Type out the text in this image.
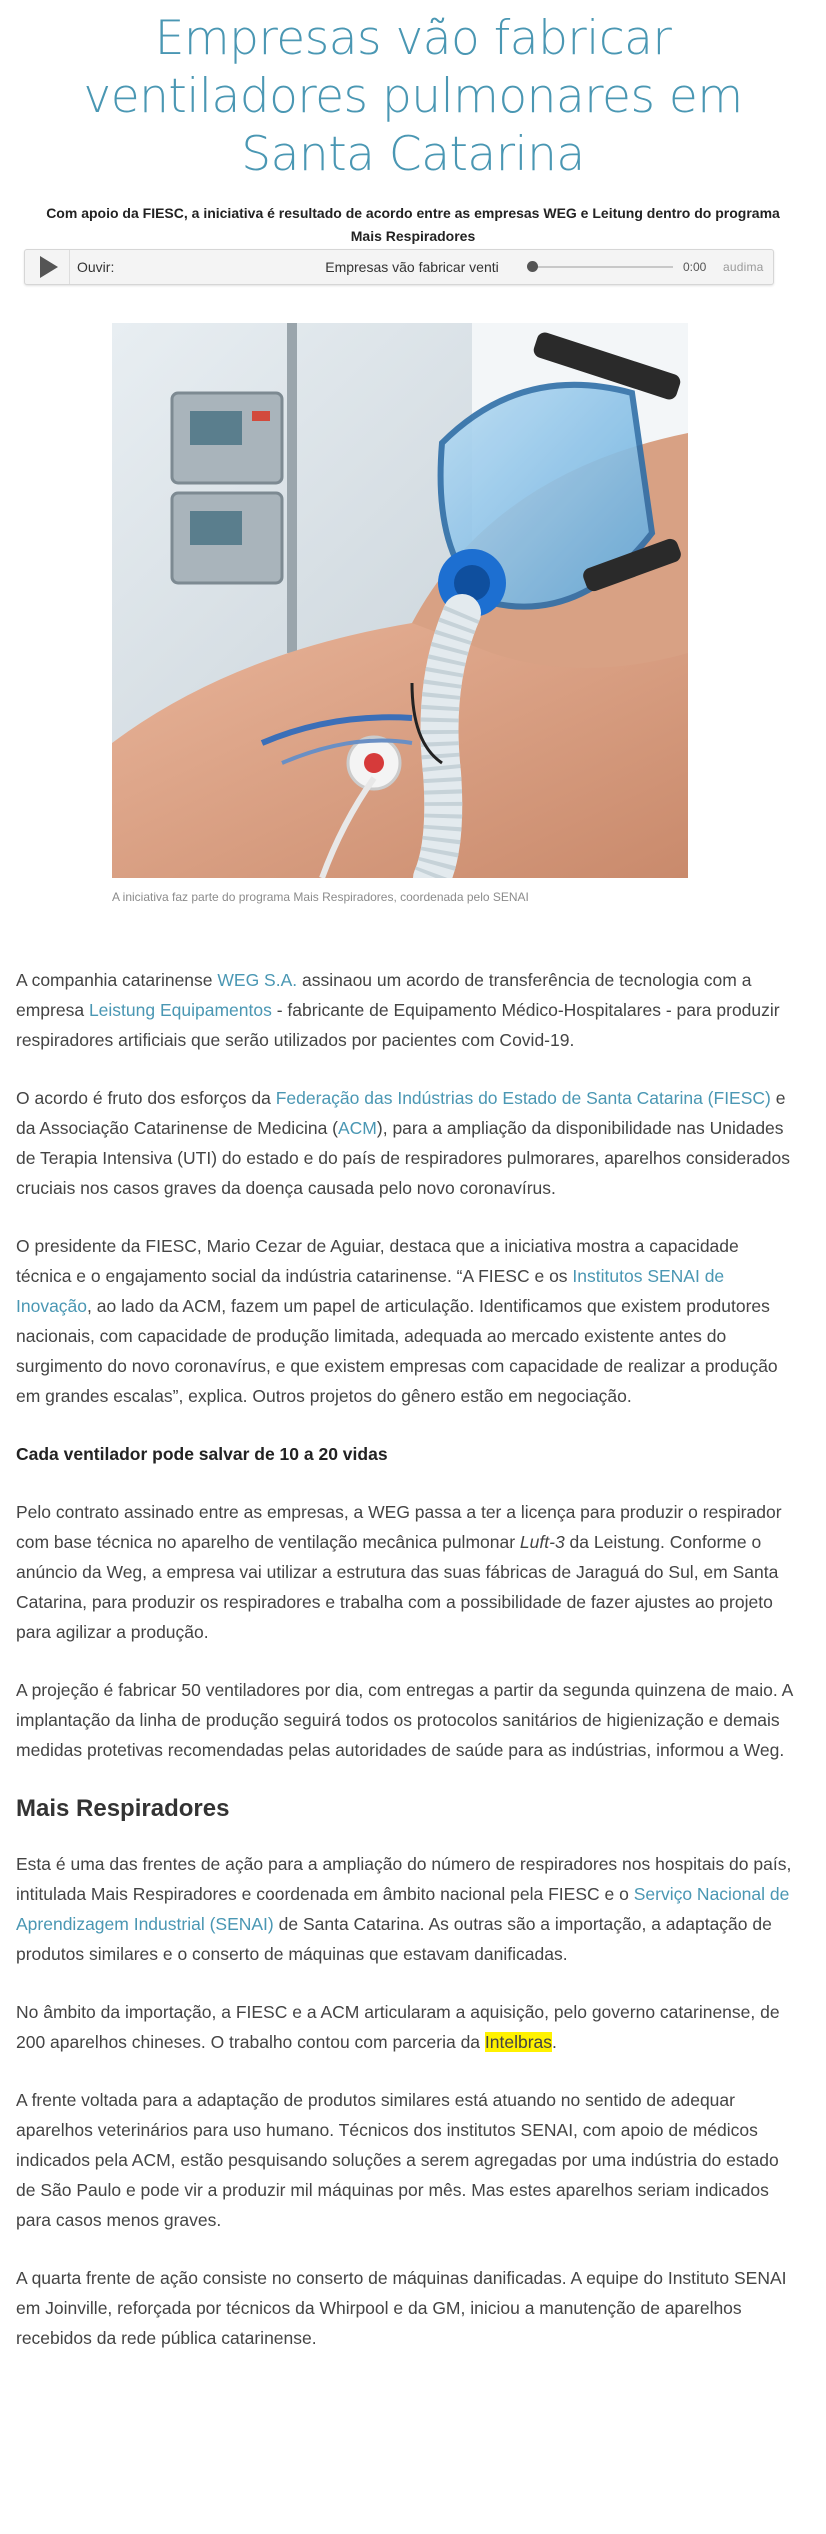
Empresas vão fabricar ventiladores pulmonares em Santa Catarina
Com apoio da FIESC, a iniciativa é resultado de acordo entre as empresas WEG e Leitung dentro do programa Mais Respiradores
Ouvir:	Empresas vão fabricar venti	0:00 audima
A iniciativa faz parte do programa Mais Respiradores, coordenada pelo SENAI

A companhia catarinense WEG S.A. assinaou um acordo de transferência de tecnologia com a empresa Leistung Equipamentos - fabricante de Equipamento Médico-Hospitalares - para produzir respiradores artificiais que serão utilizados por pacientes com Covid-19.

O acordo é fruto dos esforços da Federação das Indústrias do Estado de Santa Catarina (FIESC) e da Associação Catarinense de Medicina (ACM), para a ampliação da disponibilidade nas Unidades de Terapia Intensiva (UTI) do estado e do país de respiradores pulmorares, aparelhos considerados cruciais nos casos graves da doença causada pelo novo coronavírus.

O presidente da FIESC, Mario Cezar de Aguiar, destaca que a iniciativa mostra a capacidade técnica e o engajamento social da indústria catarinense. “A FIESC e os Institutos SENAI de Inovação, ao lado da ACM, fazem um papel de articulação. Identificamos que existem produtores nacionais, com capacidade de produção limitada, adequada ao mercado existente antes do surgimento do novo coronavírus, e que existem empresas com capacidade de realizar a produção em grandes escalas”, explica. Outros projetos do gênero estão em negociação.

Cada ventilador pode salvar de 10 a 20 vidas

Pelo contrato assinado entre as empresas, a WEG passa a ter a licença para produzir o respirador com base técnica no aparelho de ventilação mecânica pulmonar Luft-3 da Leistung. Conforme o anúncio da Weg, a empresa vai utilizar a estrutura das suas fábricas de Jaraguá do Sul, em Santa Catarina, para produzir os respiradores e trabalha com a possibilidade de fazer ajustes ao projeto para agilizar a produção.

A projeção é fabricar 50 ventiladores por dia, com entregas a partir da segunda quinzena de maio. A implantação da linha de produção seguirá todos os protocolos sanitários de higienização e demais medidas protetivas recomendadas pelas autoridades de saúde para as indústrias, informou a Weg.

Mais Respiradores

Esta é uma das frentes de ação para a ampliação do número de respiradores nos hospitais do país, intitulada Mais Respiradores e coordenada em âmbito nacional pela FIESC e o Serviço Nacional de Aprendizagem Industrial (SENAI) de Santa Catarina. As outras são a importação, a adaptação de produtos similares e o conserto de máquinas que estavam danificadas.

No âmbito da importação, a FIESC e a ACM articularam a aquisição, pelo governo catarinense, de 200 aparelhos chineses. O trabalho contou com parceria da Intelbras.

A frente voltada para a adaptação de produtos similares está atuando no sentido de adequar aparelhos veterinários para uso humano. Técnicos dos institutos SENAI, com apoio de médicos indicados pela ACM, estão pesquisando soluções a serem agregadas por uma indústria do estado de São Paulo e pode vir a produzir mil máquinas por mês. Mas estes aparelhos seriam indicados para casos menos graves.

A quarta frente de ação consiste no conserto de máquinas danificadas. A equipe do Instituto SENAI em Joinville, reforçada por técnicos da Whirpool e da GM, iniciou a manutenção de aparelhos recebidos da rede pública catarinense.
